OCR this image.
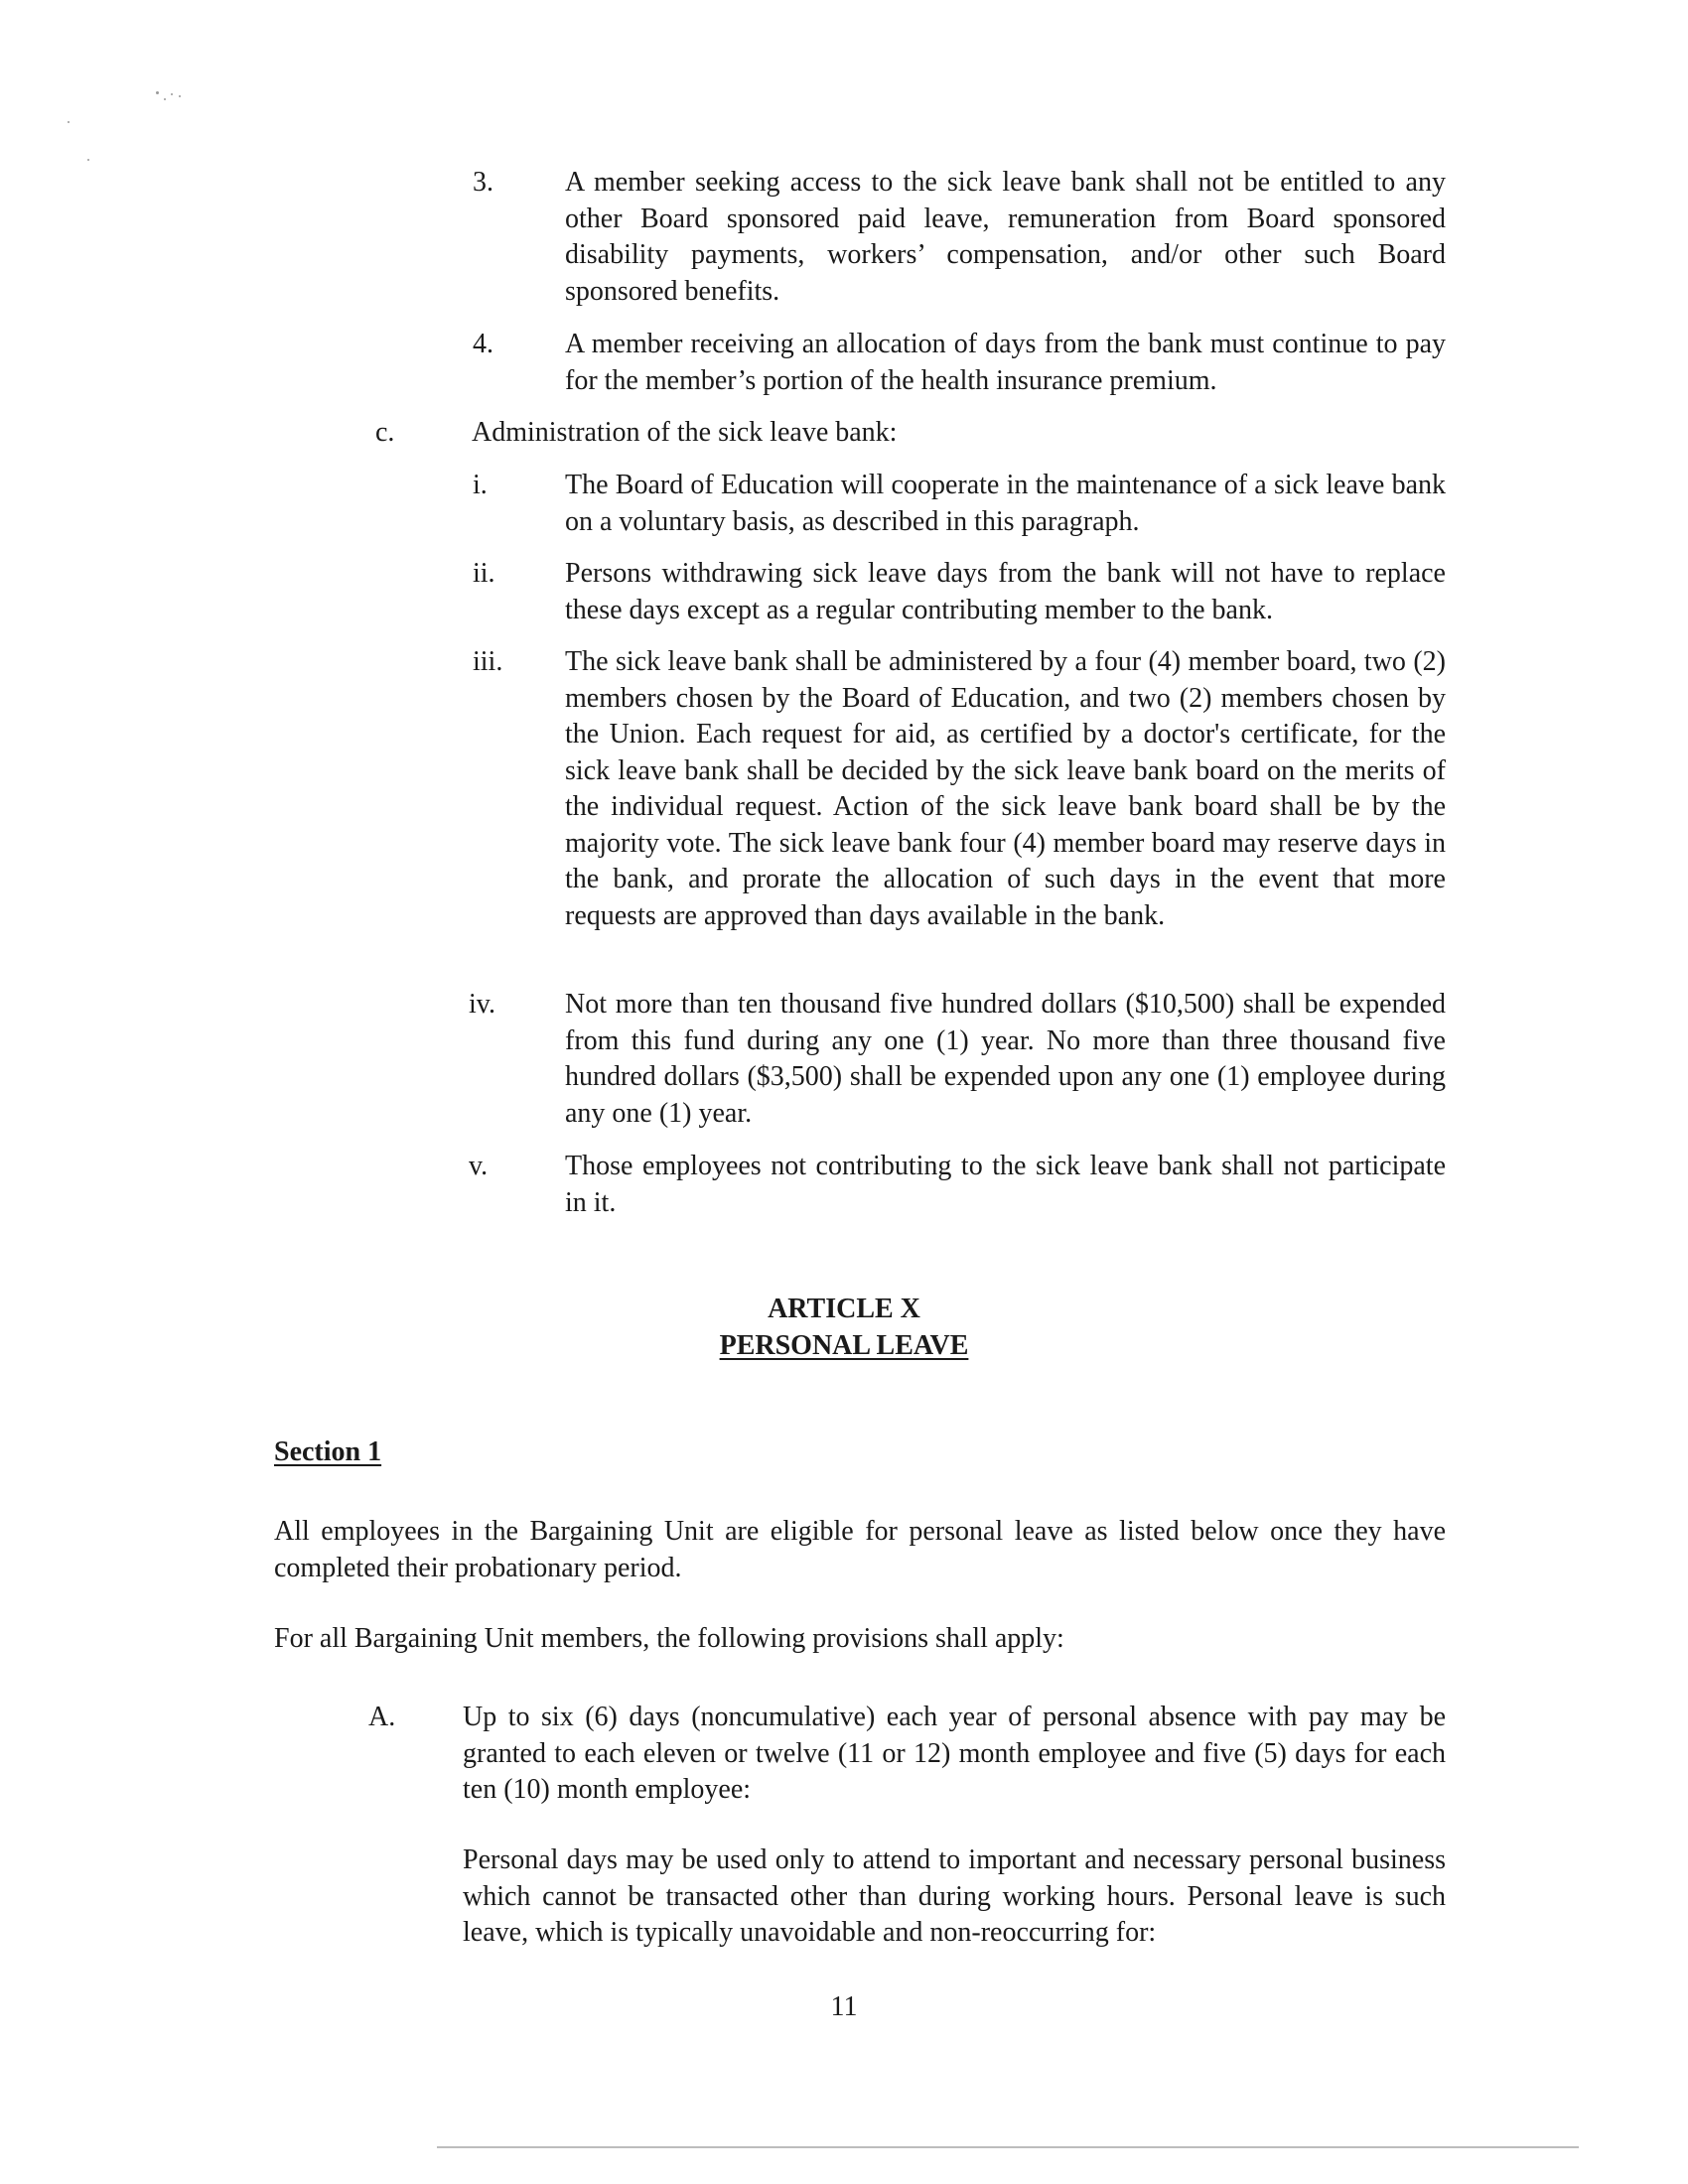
3.	A member seeking access to the sick leave bank shall not be entitled to any other Board sponsored paid leave, remuneration from Board sponsored disability payments, workers’ compensation, and/or other such Board sponsored benefits.
4.	A member receiving an allocation of days from the bank must continue to pay for the member’s portion of the health insurance premium.
c.	Administration of the sick leave bank:
i.	The Board of Education will cooperate in the maintenance of a sick leave bank on a voluntary basis, as described in this paragraph.
ii.	Persons withdrawing sick leave days from the bank will not have to replace these days except as a regular contributing member to the bank.
iii. The sick leave bank shall be administered by a four (4) member board, two (2) members chosen by the Board of Education, and two (2) members chosen by the Union. Each request for aid, as certified by a doctor's certificate, for the sick leave bank shall be decided by the sick leave bank board on the merits of the individual request. Action of the sick leave bank board shall be by the majority vote. The sick leave bank four (4) member board may reserve days in the bank, and prorate the allocation of such days in the event that more requests are approved than days available in the bank.
iv.	Not more than ten thousand five hundred dollars ($10,500) shall be expended from this fund during any one (1) year. No more than three thousand five hundred dollars ($3,500) shall be expended upon any one (1) employee during any one (1) year.
v.	Those employees not contributing to the sick leave bank shall not participate in it.
ARTICLE X
PERSONAL LEAVE
Section 1
All employees in the Bargaining Unit are eligible for personal leave as listed below once they have completed their probationary period.
For all Bargaining Unit members, the following provisions shall apply:
A. Up to six (6) days (noncumulative) each year of personal absence with pay may be granted to each eleven or twelve (11 or 12) month employee and five (5) days for each ten (10) month employee:
Personal days may be used only to attend to important and necessary personal business which cannot be transacted other than during working hours. Personal leave is such leave, which is typically unavoidable and non-reoccurring for:
11
